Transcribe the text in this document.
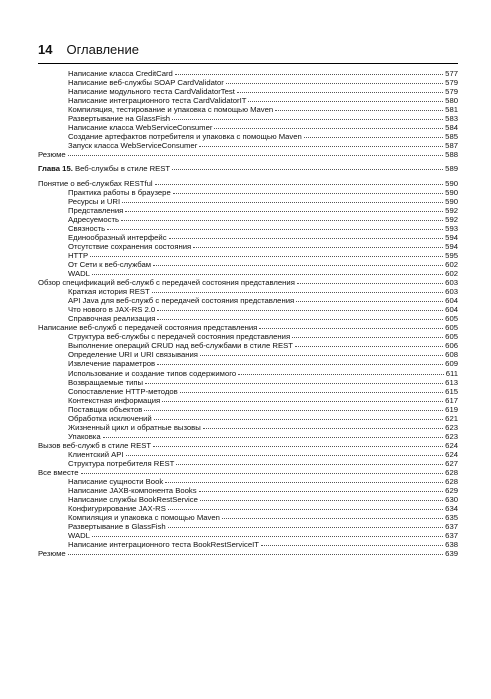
14 Оглавление
Написание класса CreditCard	577
Написание веб-службы SOAP CardValidator	579
Написание модульного теста CardValidatorTest	579
Написание интеграционного теста CardValidatorIT	580
Компиляция, тестирование и упаковка с помощью Maven	581
Развертывание на GlassFish	583
Написание класса WebServiceConsumer	584
Создание артефактов потребителя и упаковка с помощью Maven	585
Запуск класса WebServiceConsumer	587
Резюме	588
Глава 15. Веб-службы в стиле REST	589
Понятие о веб-службах RESTful	590
Практика работы в браузере	590
Ресурсы и URI	590
Представления	592
Адресуемость	592
Связность	593
Единообразный интерфейс	594
Отсутствие сохранения состояния	594
HTTP	595
От Сети к веб-службам	602
WADL	602
Обзор спецификаций веб-служб с передачей состояния представления	603
Краткая история REST	603
API Java для веб-служб с передачей состояния представления	604
Что нового в JAX-RS 2.0	604
Справочная реализация	605
Написание веб-служб с передачей состояния представления	605
Структура веб-службы с передачей состояния представления	605
Выполнение операций CRUD над веб-службами в стиле REST	606
Определение URI и URI связывания	608
Извлечение параметров	609
Использование и создание типов содержимого	611
Возвращаемые типы	613
Сопоставление HTTP-методов	615
Контекстная информация	617
Поставщик объектов	619
Обработка исключений	621
Жизненный цикл и обратные вызовы	623
Упаковка	623
Вызов веб-служб в стиле REST	624
Клиентский API	624
Структура потребителя REST	627
Все вместе	628
Написание сущности Book	628
Написание JAXB-компонента Books	629
Написание службы BookRestService	630
Конфигурирование JAX-RS	634
Компиляция и упаковка с помощью Maven	635
Развертывание в GlassFish	637
WADL	637
Написание интеграционного теста BookRestServiceIT	638
Резюме	639
